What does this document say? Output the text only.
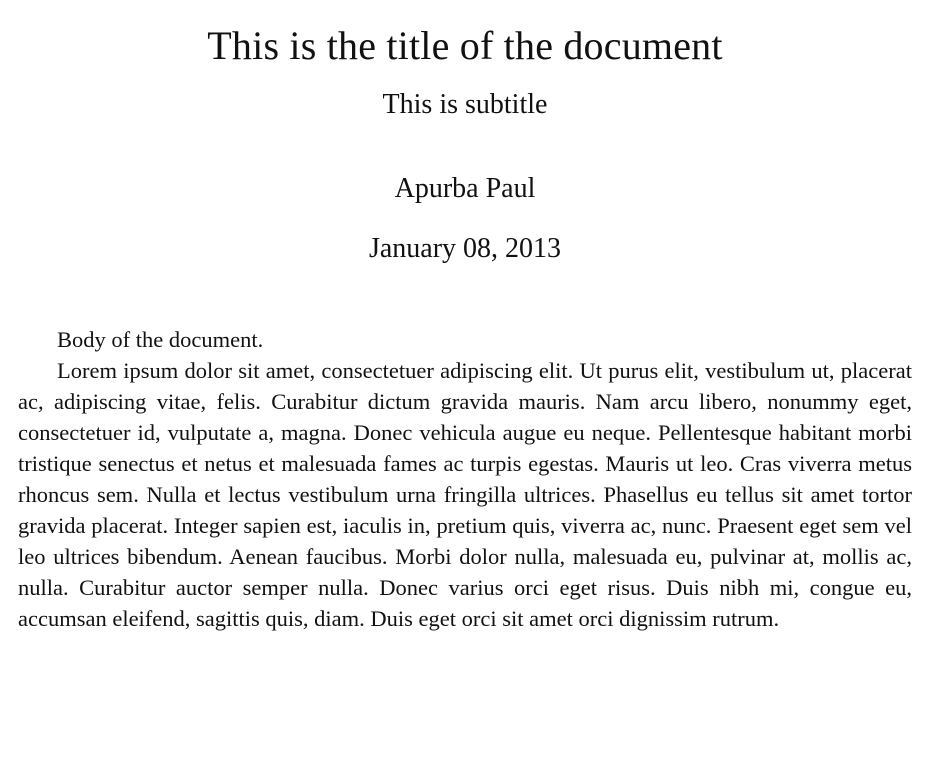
This is the title of the document
This is subtitle
Apurba Paul
January 08, 2013

Body of the document.

Lorem ipsum dolor sit amet, consectetuer adipiscing elit. Ut purus elit, vestibulum ut, placerat ac, adipiscing vitae, felis. Curabitur dictum gravida mauris. Nam arcu libero, nonummy eget, consectetuer id, vulputate a, magna. Donec vehicula augue eu neque. Pellentesque habitant morbi tristique senectus et netus et malesuada fames ac turpis egestas. Mauris ut leo. Cras viverra metus rhoncus sem. Nulla et lectus vestibulum urna fringilla ultrices. Phasellus eu tellus sit amet tortor gravida placerat. Integer sapien est, iaculis in, pretium quis, viverra ac, nunc. Praesent eget sem vel leo ultrices bibendum. Aenean faucibus. Morbi dolor nulla, malesuada eu, pulvinar at, mollis ac, nulla. Curabitur auctor semper nulla. Donec varius orci eget risus. Duis nibh mi, congue eu, accumsan eleifend, sagittis quis, diam. Duis eget orci sit amet orci dignissim rutrum.
